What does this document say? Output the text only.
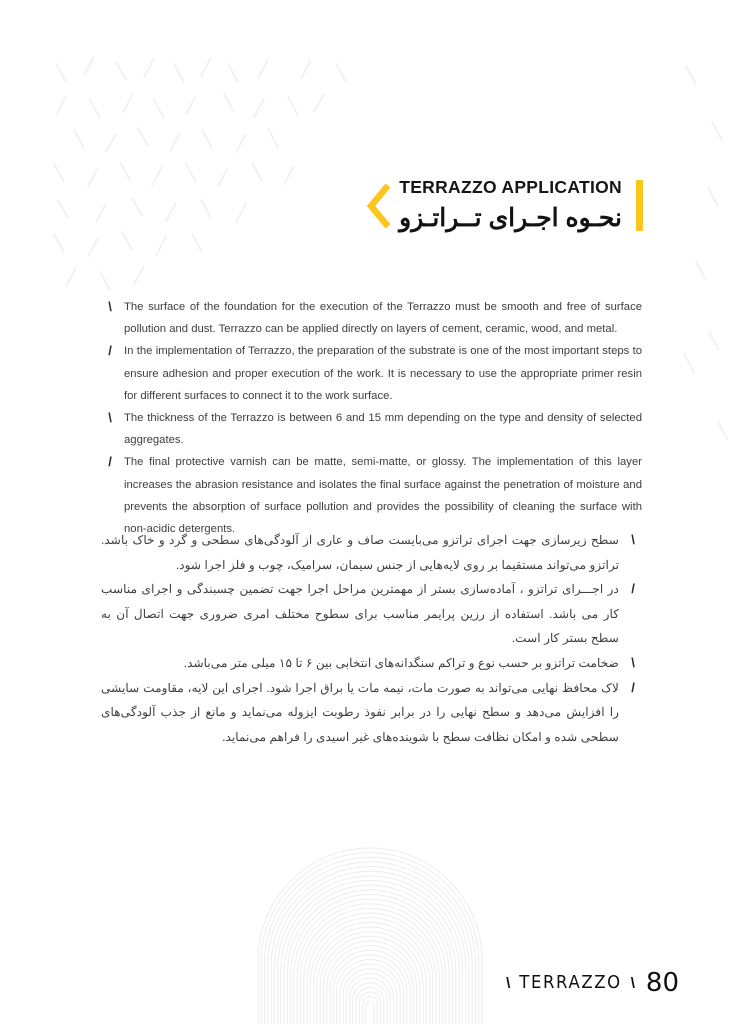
TERRAZZO APPLICATION
نحـوه اجـرای تــراتـزو
\	The surface of the foundation for the execution of the Terrazzo must be smooth and free of surface pollution and dust. Terrazzo can be applied directly on layers of cement, ceramic, wood, and metal.
/	In the implementation of Terrazzo, the preparation of the substrate is one of the most important steps to ensure adhesion and proper execution of the work. It is necessary to use the appropriate primer resin for different surfaces to connect it to the work surface.
\	The thickness of the Terrazzo is between 6 and 15 mm depending on the type and density of selected aggregates.
/	The final protective varnish can be matte, semi-matte, or glossy. The implementation of this layer increases the abrasion resistance and isolates the final surface against the penetration of moisture and prevents the absorption of surface pollution and provides the possibility of cleaning the surface with non-acidic detergents.
\
سطح زیرسازی جهت اجرای تراتزو می‌بایست صاف و عاری از آلودگی‌های سطحی و گرد و خاک باشد. تراتزو می‌تواند مستقیما بر روی لایه‌هایی از جنس سیمان، سرامیک، چوب و فلز اجرا شود.
/
در اجـــرای تراتزو ، آماده‌سازی بستر از مهمترین مراحل اجرا جهت تضمین چسبندگی و اجرای مناسب کار می باشد. استفاده از رزین پرایمر مناسب برای سطوح مختلف امری ضروری جهت اتصال آن به سطح بستر کار است.
\
ضخامت تراتزو بر حسب نوع و تراکم سنگدانه‌های انتخابی بین ۶ تا ۱۵ میلی متر می‌باشد.
/
لاک محافظ نهایی می‌تواند به صورت مات، نیمه مات یا براق اجرا شود. اجرای این لایه، مقاومت سایشی را افزایش می‌دهد و سطح نهایی را در برابر نفوذ رطوبت ایزوله می‌نماید و مانع از جذب آلودگی‌های سطحی شده و امکان نظافت سطح با شوینده‌های غیر اسیدی را فراهم می‌نماید.
\ TERRAZZO \ 80
